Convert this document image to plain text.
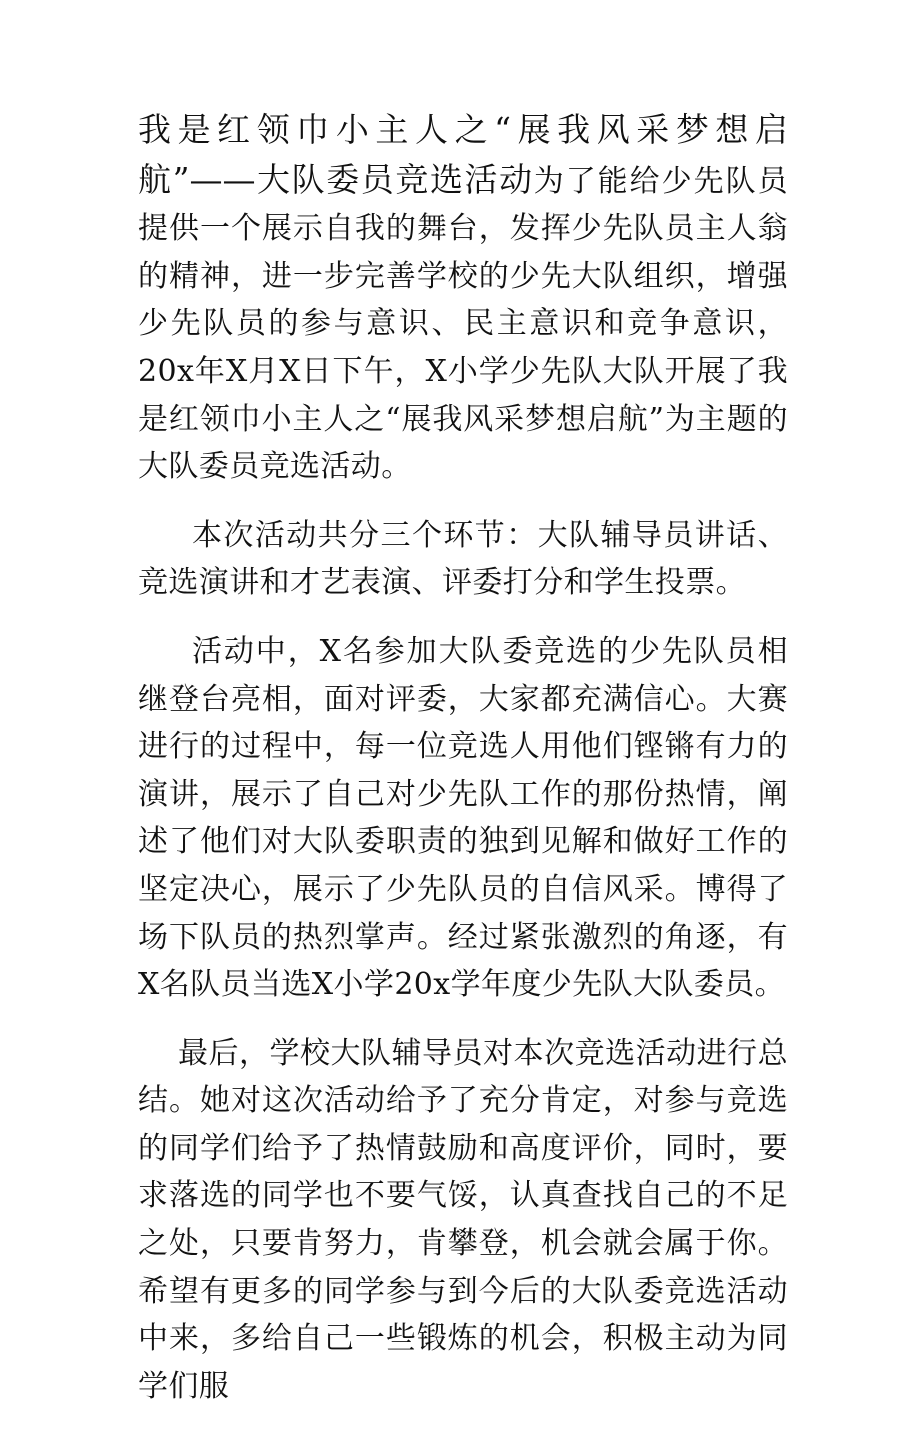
我是红领巾小主人之“展我风采梦想启航”——大队委员竞选活动为了能给少先队员提供一个展示自我的舞台，发挥少先队员主人翁的精神，进一步完善学校的少先大队组织，增强少先队员的参与意识、民主意识和竞争意识，20x年X月X日下午，X小学少先队大队开展了我是红领巾小主人之“展我风采梦想启航”为主题的大队委员竞选活动。

本次活动共分三个环节：大队辅导员讲话、竞选演讲和才艺表演、评委打分和学生投票。

活动中，X名参加大队委竞选的少先队员相继登台亮相，面对评委，大家都充满信心。大赛进行的过程中，每一位竞选人用他们铿锵有力的演讲，展示了自己对少先队工作的那份热情，阐述了他们对大队委职责的独到见解和做好工作的坚定决心，展示了少先队员的自信风采。博得了场下队员的热烈掌声。经过紧张激烈的角逐，有X名队员当选X小学20x学年度少先队大队委员。

最后，学校大队辅导员对本次竞选活动进行总结。她对这次活动给予了充分肯定，对参与竞选的同学们给予了热情鼓励和高度评价，同时，要求落选的同学也不要气馁，认真查找自己的不足之处，只要肯努力，肯攀登，机会就会属于你。希望有更多的同学参与到今后的大队委竞选活动中来，多给自己一些锻炼的机会，积极主动为同学们服
